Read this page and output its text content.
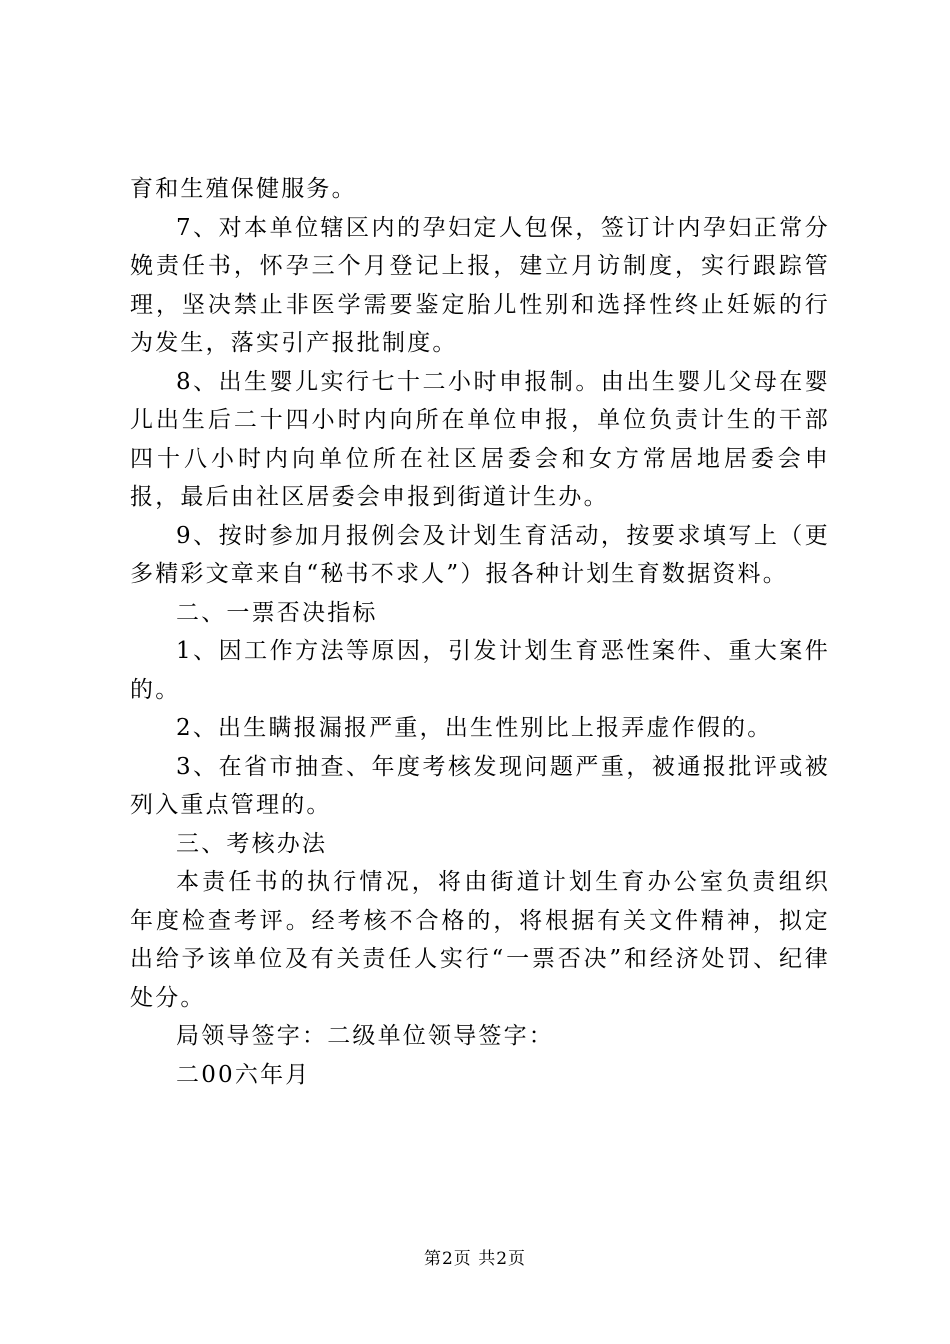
育和生殖保健服务。

7、对本单位辖区内的孕妇定人包保，签订计内孕妇正常分娩责任书，怀孕三个月登记上报，建立月访制度，实行跟踪管理，坚决禁止非医学需要鉴定胎儿性别和选择性终止妊娠的行为发生，落实引产报批制度。

8、出生婴儿实行七十二小时申报制。由出生婴儿父母在婴儿出生后二十四小时内向所在单位申报，单位负责计生的干部四十八小时内向单位所在社区居委会和女方常居地居委会申报，最后由社区居委会申报到街道计生办。

9、按时参加月报例会及计划生育活动，按要求填写上（更多精彩文章来自“秘书不求人”）报各种计划生育数据资料。

二、一票否决指标

1、因工作方法等原因，引发计划生育恶性案件、重大案件的。

2、出生瞒报漏报严重，出生性别比上报弄虚作假的。

3、在省市抽查、年度考核发现问题严重，被通报批评或被列入重点管理的。

三、考核办法

本责任书的执行情况，将由街道计划生育办公室负责组织年度检查考评。经考核不合格的，将根据有关文件精神，拟定出给予该单位及有关责任人实行“一票否决”和经济处罚、纪律处分。

局领导签字：二级单位领导签字：

二00六年月

第2页 共2页
